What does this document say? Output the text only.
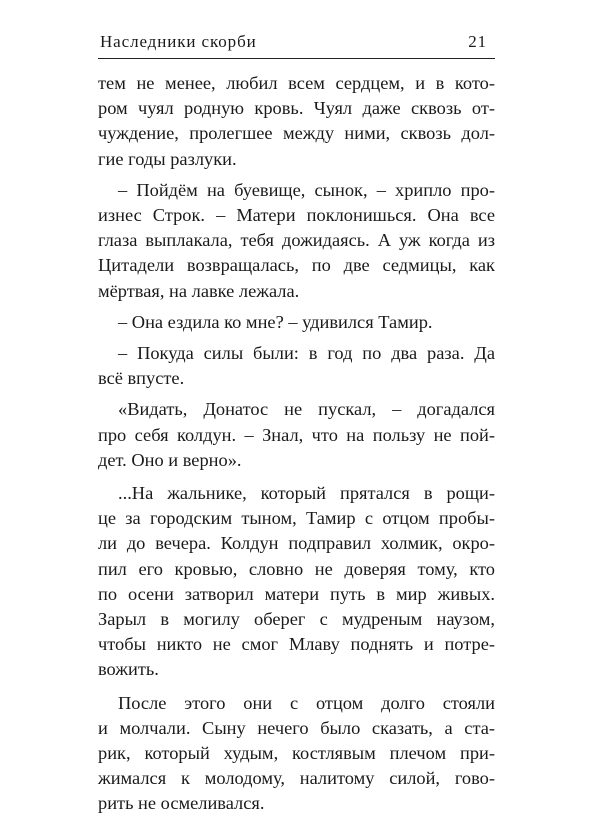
Наследники скорби	21
тем не менее, любил всем сердцем, и в кото-
ром чуял родную кровь. Чуял даже сквозь от-
чуждение, пролегшее между ними, сквозь дол-
гие годы разлуки.
– Пойдём на буевище, сынок, – хрипло про-
изнес Строк. – Матери поклонишься. Она все
глаза выплакала, тебя дожидаясь. А уж когда из
Цитадели возвращалась, по две седмицы, как
мёртвая, на лавке лежала.
– Она ездила ко мне? – удивился Тамир.
– Покуда силы были: в год по два раза. Да
всё впусте.
«Видать, Донатос не пускал, – догадался
про себя колдун. – Знал, что на пользу не пой-
дет. Оно и верно».
...На жальнике, который прятался в рощи-
це за городским тыном, Тамир с отцом пробы-
ли до вечера. Колдун подправил холмик, окро-
пил его кровью, словно не доверяя тому, кто
по осени затворил матери путь в мир живых.
Зарыл в могилу оберег с мудреным наузом,
чтобы никто не смог Млаву поднять и потре-
вожить.
После этого они с отцом долго стояли
и молчали. Сыну нечего было сказать, а ста-
рик, который худым, костлявым плечом при-
жимался к молодому, налитому силой, гово-
рить не осмеливался.
